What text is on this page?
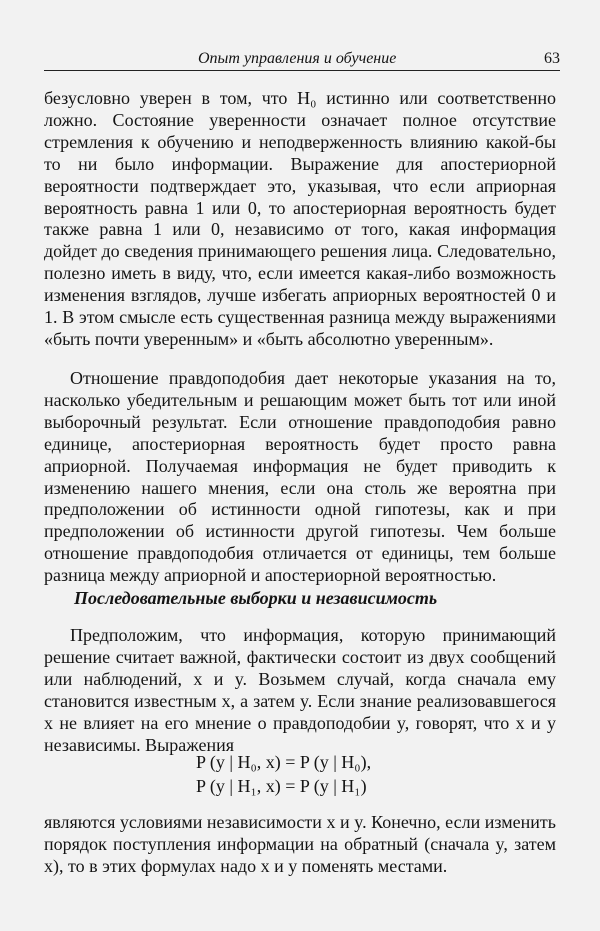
Опыт управления и обучение	63

безусловно уверен в том, что H₀ истинно или соответственно ложно. Состояние уверенности означает полное отсутствие стремления к обучению и неподверженность влиянию какой-бы то ни было информации. Выражение для апостериорной вероятности подтверждает это, указывая, что если априорная вероятность равна 1 или 0, то апостериорная вероятность будет также равна 1 или 0, независимо от того, какая информация дойдет до сведения принимающего решения лица. Следовательно, полезно иметь в виду, что, если имеется какая-либо возможность изменения взглядов, лучше избегать априорных вероятностей 0 и 1. В этом смысле есть существенная разница между выражениями «быть почти уверенным» и «быть абсолютно уверенным».

Отношение правдоподобия дает некоторые указания на то, насколько убедительным и решающим может быть тот или иной выборочный результат. Если отношение правдоподобия равно единице, апостериорная вероятность будет просто равна априорной. Получаемая информация не будет приводить к изменению нашего мнения, если она столь же вероятна при предположении об истинности одной гипотезы, как и при предположении об истинности другой гипотезы. Чем больше отношение правдоподобия отличается от единицы, тем больше разница между априорной и апостериорной вероятностью.

Последовательные выборки и независимость

Предположим, что информация, которую принимающий решение считает важной, фактически состоит из двух сообщений или наблюдений, x и y. Возьмем случай, когда сначала ему становится известным x, а затем y. Если знание реализовавшегося x не влияет на его мнение о правдоподобии y, говорят, что x и y независимы. Выражения

P (y | H₀, x) = P (y | H₀),
P (y | H₁, x) = P (y | H₁)

являются условиями независимости x и y. Конечно, если изменить порядок поступления информации на обратный (сначала y, затем x), то в этих формулах надо x и y поменять местами.
